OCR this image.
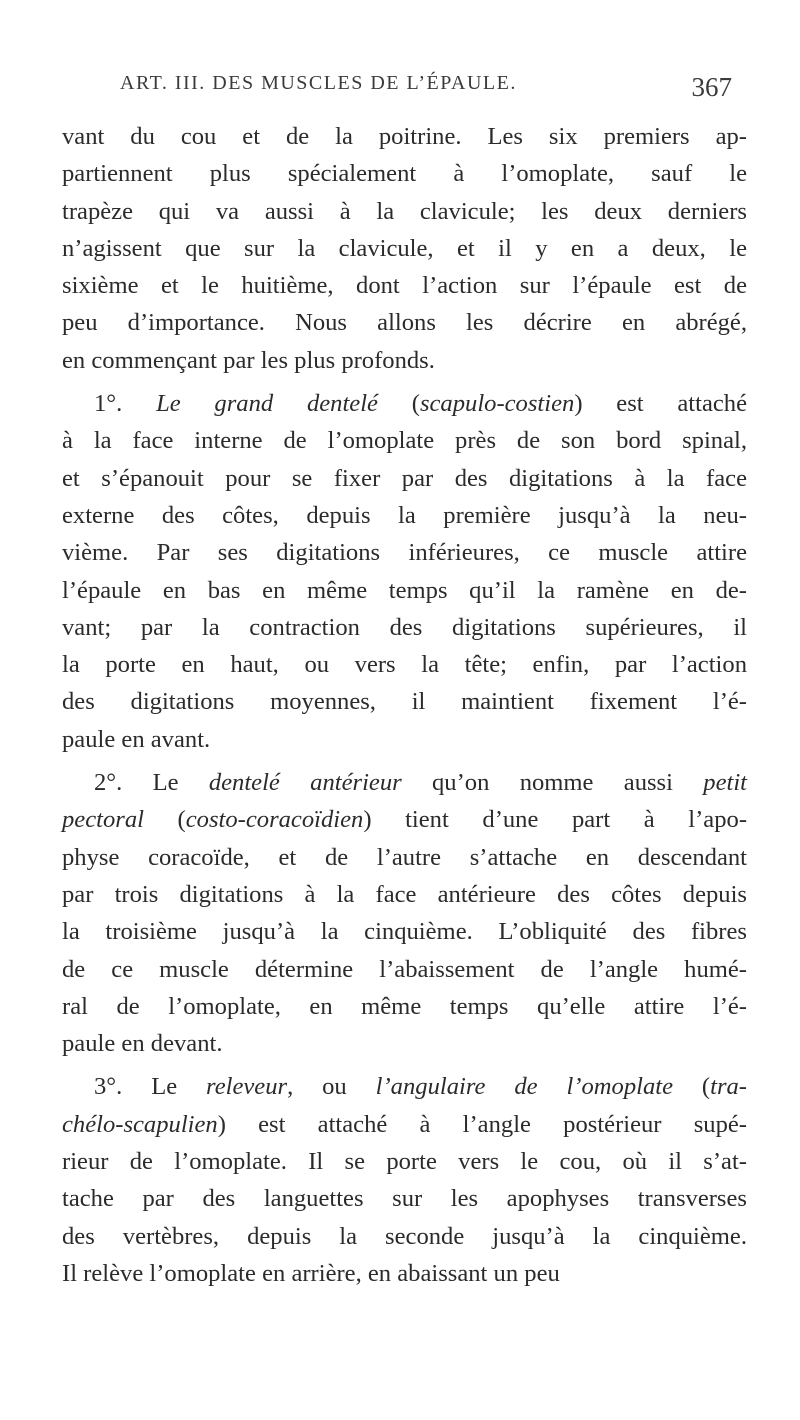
ART. III. DES MUSCLES DE L’ÉPAULE.	367
vant du cou et de la poitrine. Les six premiers ap-
partiennent plus spécialement à l’omoplate, sauf le
trapèze qui va aussi à la clavicule; les deux derniers
n’agissent que sur la clavicule, et il y en a deux, le
sixième et le huitième, dont l’action sur l’épaule est de
peu d’importance. Nous allons les décrire en abrégé,
en commençant par les plus profonds.
1°. Le grand dentelé (scapulo-costien) est attaché
à la face interne de l’omoplate près de son bord spinal,
et s’épanouit pour se fixer par des digitations à la face
externe des côtes, depuis la première jusqu’à la neu-
vième. Par ses digitations inférieures, ce muscle attire
l’épaule en bas en même temps qu’il la ramène en de-
vant; par la contraction des digitations supérieures, il
la porte en haut, ou vers la tête; enfin, par l’action
des digitations moyennes, il maintient fixement l’é-
paule en avant.
2°. Le dentelé antérieur qu’on nomme aussi petit
pectoral (costo-coracoïdien) tient d’une part à l’apo-
physe coracoïde, et de l’autre s’attache en descendant
par trois digitations à la face antérieure des côtes depuis
la troisième jusqu’à la cinquième. L’obliquité des fibres
de ce muscle détermine l’abaissement de l’angle humé-
ral de l’omoplate, en même temps qu’elle attire l’é-
paule en devant.
3°. Le releveur, ou l’angulaire de l’omoplate (tra-
chélo-scapulien) est attaché à l’angle postérieur supé-
rieur de l’omoplate. Il se porte vers le cou, où il s’at-
tache par des languettes sur les apophyses transverses
des vertèbres, depuis la seconde jusqu’à la cinquième.
Il relève l’omoplate en arrière, en abaissant un peu
